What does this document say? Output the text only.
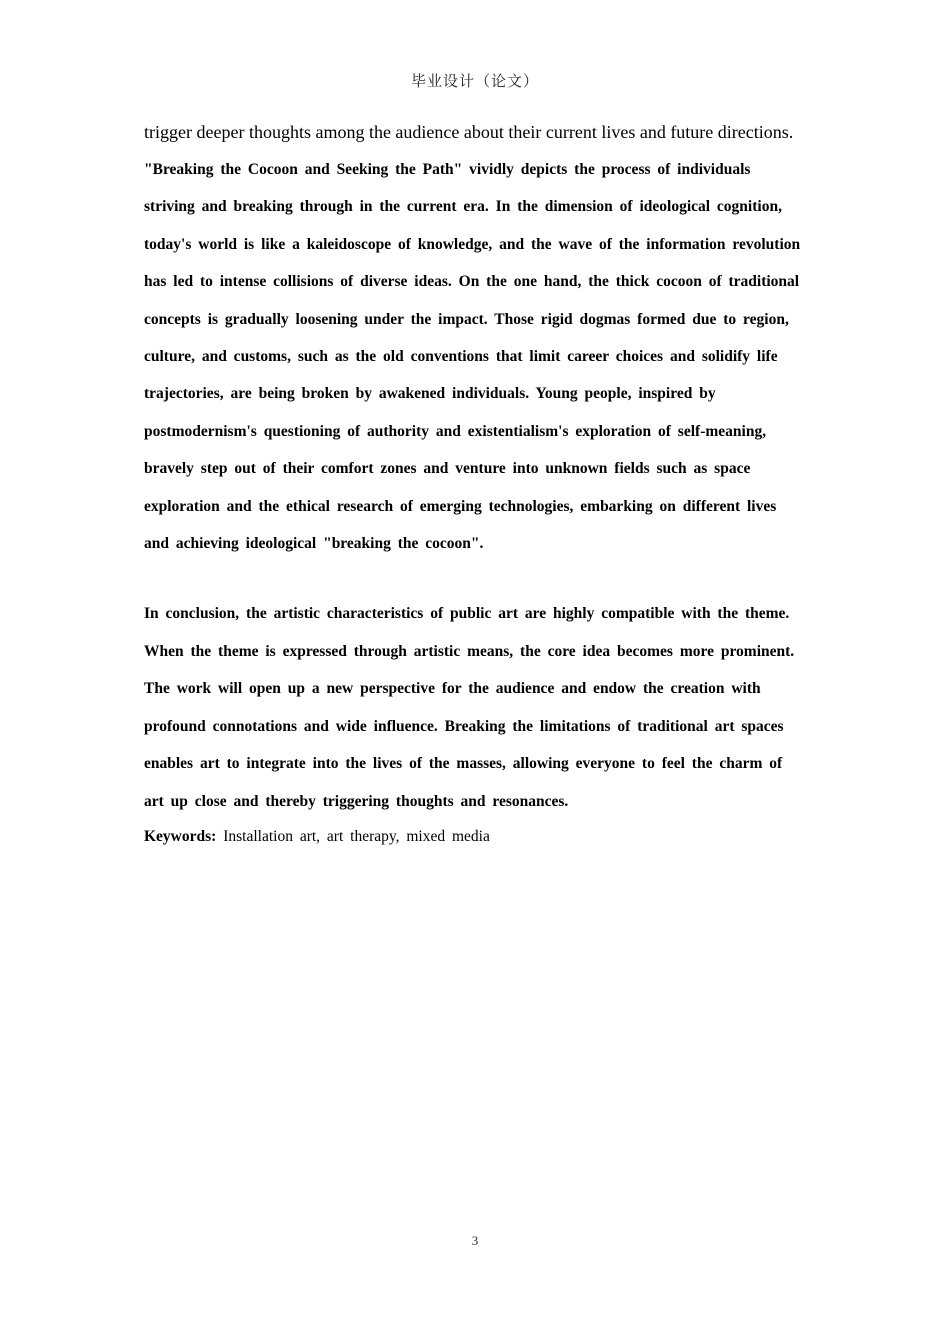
毕业设计（论文）

trigger deeper thoughts among the audience about their current lives and future directions.

"Breaking the Cocoon and Seeking the Path" vividly depicts the process of individuals striving and breaking through in the current era. In the dimension of ideological cognition, today's world is like a kaleidoscope of knowledge, and the wave of the information revolution has led to intense collisions of diverse ideas. On the one hand, the thick cocoon of traditional concepts is gradually loosening under the impact. Those rigid dogmas formed due to region, culture, and customs, such as the old conventions that limit career choices and solidify life trajectories, are being broken by awakened individuals. Young people, inspired by postmodernism's questioning of authority and existentialism's exploration of self-meaning, bravely step out of their comfort zones and venture into unknown fields such as space exploration and the ethical research of emerging technologies, embarking on different lives and achieving ideological "breaking the cocoon".

In conclusion, the artistic characteristics of public art are highly compatible with the theme. When the theme is expressed through artistic means, the core idea becomes more prominent. The work will open up a new perspective for the audience and endow the creation with profound connotations and wide influence. Breaking the limitations of traditional art spaces enables art to integrate into the lives of the masses, allowing everyone to feel the charm of art up close and thereby triggering thoughts and resonances.

Keywords: Installation art, art therapy, mixed media

3
